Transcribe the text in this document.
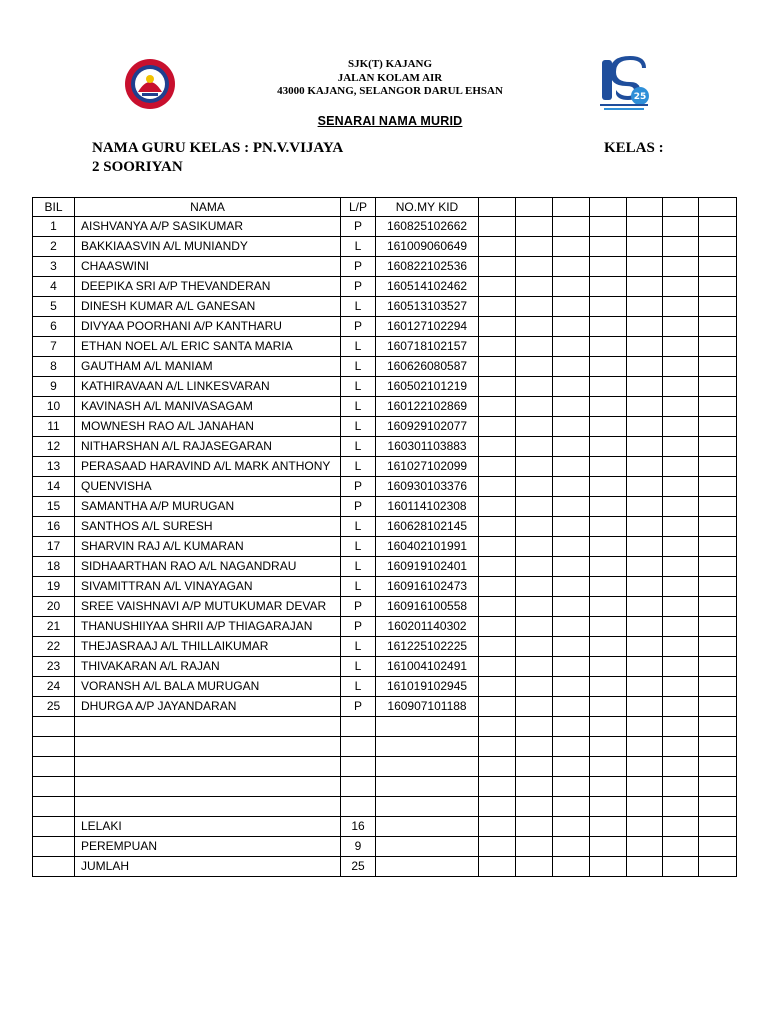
25
SJK(T) KAJANG
JALAN KOLAM AIR
43000 KAJANG, SELANGOR DARUL EHSAN
SENARAI NAMA MURID
NAMA GURU KELAS : PN.V.VIJAYA	KELAS :
2 SOORIYAN
BIL	NAMA	L/P	NO.MY KID							
1	AISHVANYA A/P SASIKUMAR	P	160825102662							
2	BAKKIAASVIN A/L MUNIANDY	L	161009060649							
3	CHAASWINI	P	160822102536							
4	DEEPIKA SRI A/P THEVANDERAN	P	160514102462							
5	DINESH KUMAR A/L GANESAN	L	160513103527							
6	DIVYAA POORHANI A/P KANTHARU	P	160127102294							
7	ETHAN NOEL A/L ERIC SANTA MARIA	L	160718102157							
8	GAUTHAM A/L MANIAM	L	160626080587							
9	KATHIRAVAAN A/L LINKESVARAN	L	160502101219							
10	KAVINASH A/L MANIVASAGAM	L	160122102869							
11	MOWNESH RAO A/L JANAHAN	L	160929102077							
12	NITHARSHAN A/L RAJASEGARAN	L	160301103883							
13	PERASAAD HARAVIND A/L MARK ANTHONY	L	161027102099							
14	QUENVISHA	P	160930103376							
15	SAMANTHA A/P MURUGAN	P	160114102308							
16	SANTHOS A/L SURESH	L	160628102145							
17	SHARVIN RAJ A/L KUMARAN	L	160402101991							
18	SIDHAARTHAN RAO A/L NAGANDRAU	L	160919102401							
19	SIVAMITTRAN A/L VINAYAGAN	L	160916102473							
20	SREE VAISHNAVI A/P MUTUKUMAR DEVAR	P	160916100558							
21	THANUSHIIYAA SHRII A/P THIAGARAJAN	P	160201140302							
22	THEJASRAAJ A/L THILLAIKUMAR	L	161225102225							
23	THIVAKARAN A/L RAJAN	L	161004102491							
24	VORANSH A/L BALA MURUGAN	L	161019102945							
25	DHURGA A/P JAYANDARAN	P	160907101188							

	LELAKI	16								
	PEREMPUAN	9								
	JUMLAH	25								
